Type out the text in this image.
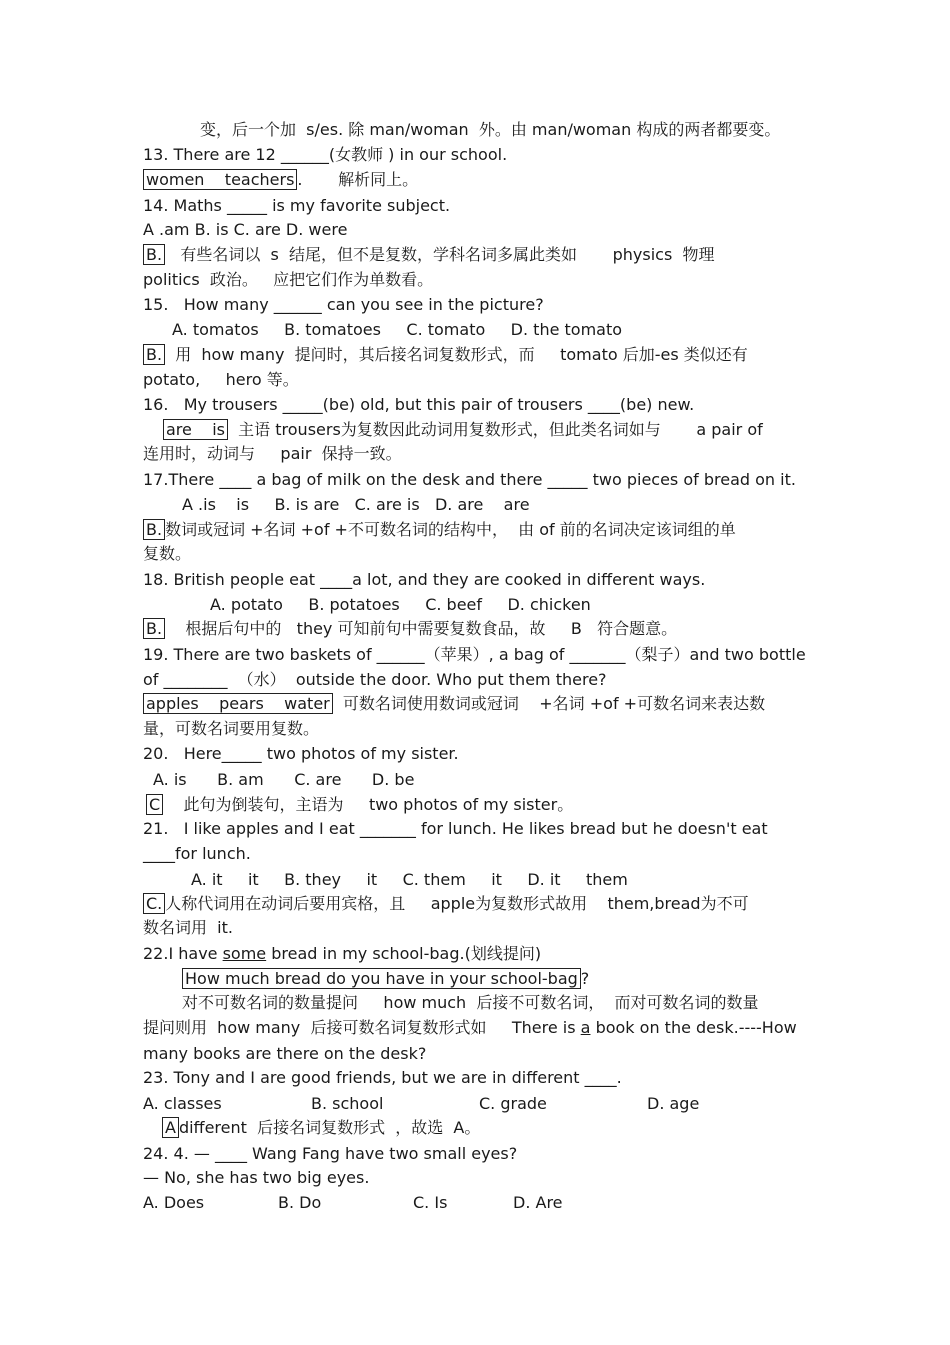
变，后一个加  s/es. 除 man/woman  外。由 man/woman 构成的两者都要变。
13. There are 12 ______(女教师 ) in our school.
women    teachers .       解析同上。
14. Maths _____ is my favorite subject.
A .am B. is C. are D. were
B.   有些名词以  s  结尾，但不是复数，学科名词多属此类如       physics  物理
politics  政治。   应把它们作为单数看。
15.   How many ______ can you see in the picture?
A. tomatos     B. tomatoes     C. tomato     D. the tomato
B.  用  how many  提问时，其后接名词复数形式，而     tomato 后加-es 类似还有
potato,     hero 等。
16.   My trousers _____(be) old, but this pair of trousers ____(be) new.
are    is  主语 trousers为复数因此动词用复数形式，但此类名词如与       a pair of
连用时，动词与     pair  保持一致。
17.There ____ a bag of milk on the desk and there _____ two pieces of bread on it.
A .is    is     B. is are   C. are is   D. are    are
B. 数词或冠词 +名词 +of +不可数名词的结构中，  由 of 前的名词决定该词组的单
复数。
18. British people eat ____a lot, and they are cooked in different ways.
A. potato     B. potatoes     C. beef     D. chicken
B.    根据后句中的   they 可知前句中需要复数食品，故     B   符合题意。
19. There are two baskets of ______（苹果）, a bag of _______（梨子）and two bottle
of ________  （水）  outside the door. Who put them there?
apples    pears    water  可数名词使用数词或冠词    +名词 +of +可数名词来表达数
量，可数名词要用复数。
20.   Here_____ two photos of my sister.
A. is      B. am      C. are      D. be
C    此句为倒装句，主语为     two photos of my sister。
21.   I like apples and I eat _______ for lunch. He likes bread but he doesn't eat
____for lunch.
A. it     it     B. they     it     C. them     it     D. it     them
C. 人称代词用在动词后要用宾格，且     apple为复数形式故用    them,bread为不可
数名词用  it.
22.I have some bread in my school-bag.(划线提问)
How much bread do you have in your school-bag ?
对不可数名词的数量提问     how much  后接不可数名词，  而对可数名词的数量
提问则用  how many  后接可数名词复数形式如     There is a book on the desk.----How
many books are there on the desk?
23. Tony and I are good friends, but we are in different ____.
A. classes	B. school	C. grade	D. age
A different  后接名词复数形式  ，故选  A。
24. 4. — ____ Wang Fang have two small eyes?
— No, she has two big eyes.
A. Does	B. Do	C. Is	D. Are
